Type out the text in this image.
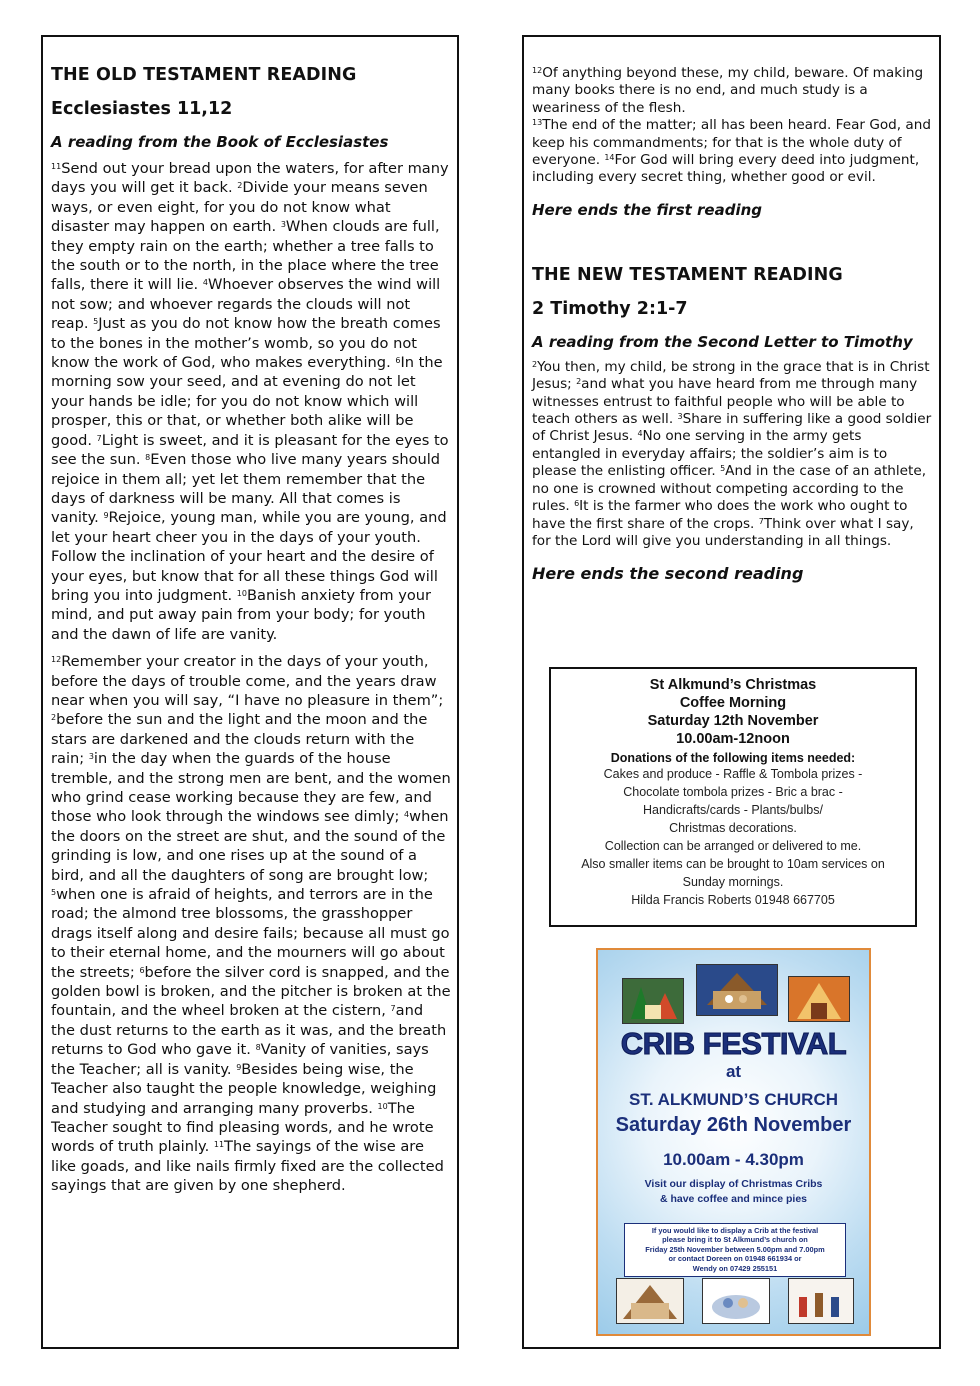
THE OLD TESTAMENT READING
Ecclesiastes 11,12
A reading from the Book of Ecclesiastes
$^{11}$Send out your bread upon the waters, for after many days you will get it back. $^2$Divide your means seven ways, or even eight, for you do not know what disaster may happen on earth. $^3$When clouds are full, they empty rain on the earth; whether a tree falls to the south or to the north, in the place where the tree falls, there it will lie. $^4$Whoever observes the wind will not sow; and whoever regards the clouds will not reap. $^5$Just as you do not know how the breath comes to the bones in the mother’s womb, so you do not know the work of God, who makes everything. $^6$In the morning sow your seed, and at evening do not let your hands be idle; for you do not know which will prosper, this or that, or whether both alike will be good. $^7$Light is sweet, and it is pleasant for the eyes to see the sun. $^8$Even those who live many years should rejoice in them all; yet let them remember that the days of darkness will be many. All that comes is vanity. $^9$Rejoice, young man, while you are young, and let your heart cheer you in the days of your youth. Follow the inclination of your heart and the desire of your eyes, but know that for all these things God will bring you into judgment. $^{10}$Banish anxiety from your mind, and put away pain from your body; for youth and the dawn of life are vanity.
$^{12}$Remember your creator in the days of your youth, before the days of trouble come, and the years draw near when you will say, “I have no pleasure in them”; $^2$before the sun and the light and the moon and the stars are darkened and the clouds return with the rain; $^3$in the day when the guards of the house tremble, and the strong men are bent, and the women who grind cease working because they are few, and those who look through the windows see dimly; $^4$when the doors on the street are shut, and the sound of the grinding is low, and one rises up at the sound of a bird, and all the daughters of song are brought low; $^5$when one is afraid of heights, and terrors are in the road; the almond tree blossoms, the grasshopper drags itself along and desire fails; because all must go to their eternal home, and the mourners will go about the streets; $^6$before the silver cord is snapped, and the golden bowl is broken, and the pitcher is broken at the fountain, and the wheel broken at the cistern, $^7$and the dust returns to the earth as it was, and the breath returns to God who gave it. $^8$Vanity of vanities, says the Teacher; all is vanity. $^9$Besides being wise, the Teacher also taught the people knowledge, weighing and studying and arranging many proverbs. $^{10}$The Teacher sought to find pleasing words, and he wrote words of truth plainly. $^{11}$The sayings of the wise are like goads, and like nails firmly fixed are the collected sayings that are given by one shepherd.
$^{12}$Of anything beyond these, my child, beware. Of making many books there is no end, and much study is a weariness of the flesh.
$^{13}$The end of the matter; all has been heard. Fear God, and keep his commandments; for that is the whole duty of everyone. $^{14}$For God will bring every deed into judgment, including every secret thing, whether good or evil.
Here ends the first reading
THE NEW TESTAMENT READING
2 Timothy 2:1-7
A reading from the Second Letter to Timothy
$^2$You then, my child, be strong in the grace that is in Christ Jesus; $^2$and what you have heard from me through many witnesses entrust to faithful people who will be able to teach others as well. $^3$Share in suffering like a good soldier of Christ Jesus. $^4$No one serving in the army gets entangled in everyday affairs; the soldier’s aim is to please the enlisting officer. $^5$And in the case of an athlete, no one is crowned without competing according to the rules. $^6$It is the farmer who does the work who ought to have the first share of the crops. $^7$Think over what I say, for the Lord will give you understanding in all things.
Here ends the second reading
St Alkmund’s Christmas
Coffee Morning
Saturday 12th November
10.00am-12noon
Donations of the following items needed:
Cakes and produce - Raffle & Tombola prizes -
Chocolate tombola prizes - Bric a brac -
Handicrafts/cards - Plants/bulbs/
Christmas decorations.
Collection can be arranged or delivered to me.
Also smaller items can be brought to 10am services on
Sunday mornings.
Hilda Francis Roberts 01948 667705
CRIB FESTIVAL
at
ST. ALKMUND’S CHURCH
Saturday 26th November
10.00am - 4.30pm
Visit our display of Christmas Cribs
& have coffee and mince pies
If you would like to display a Crib at the festival
please bring it to St Alkmund’s church on
Friday 25th November between 5.00pm and 7.00pm
or contact Doreen on 01948 661934 or
Wendy on 07429 255151
